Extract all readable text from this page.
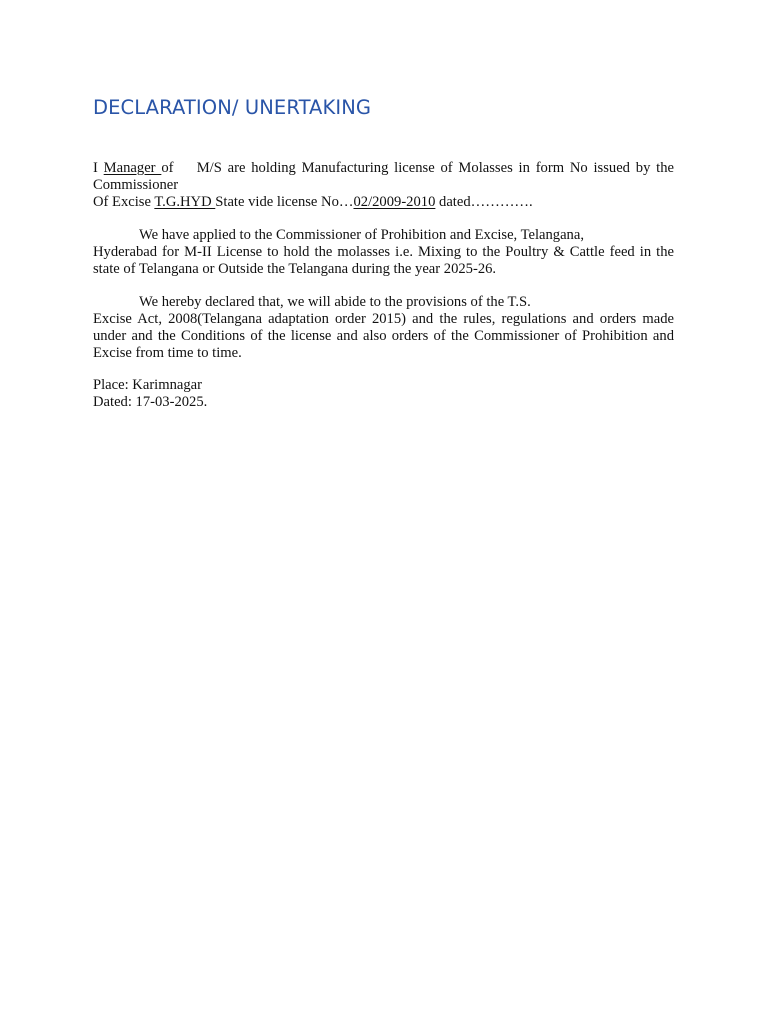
DECLARATION/ UNERTAKING
I Manager of M/S are holding Manufacturing license of Molasses in form No issued by the
Commissioner
Of Excise T.G.HYD State vide license No…02/2009-2010 dated………….
We have applied to the Commissioner of Prohibition and Excise, Telangana,
Hyderabad for M-II License to hold the molasses i.e. Mixing to the Poultry & Cattle feed in the state of Telangana or Outside the Telangana during the year 2025-26.
We hereby declared that, we will abide to the provisions of the T.S.
Excise Act, 2008(Telangana adaptation order 2015) and the rules, regulations and orders made under and the Conditions of the license and also orders of the Commissioner of Prohibition and Excise from time to time.
Place: Karimnagar
Dated: 17-03-2025.
